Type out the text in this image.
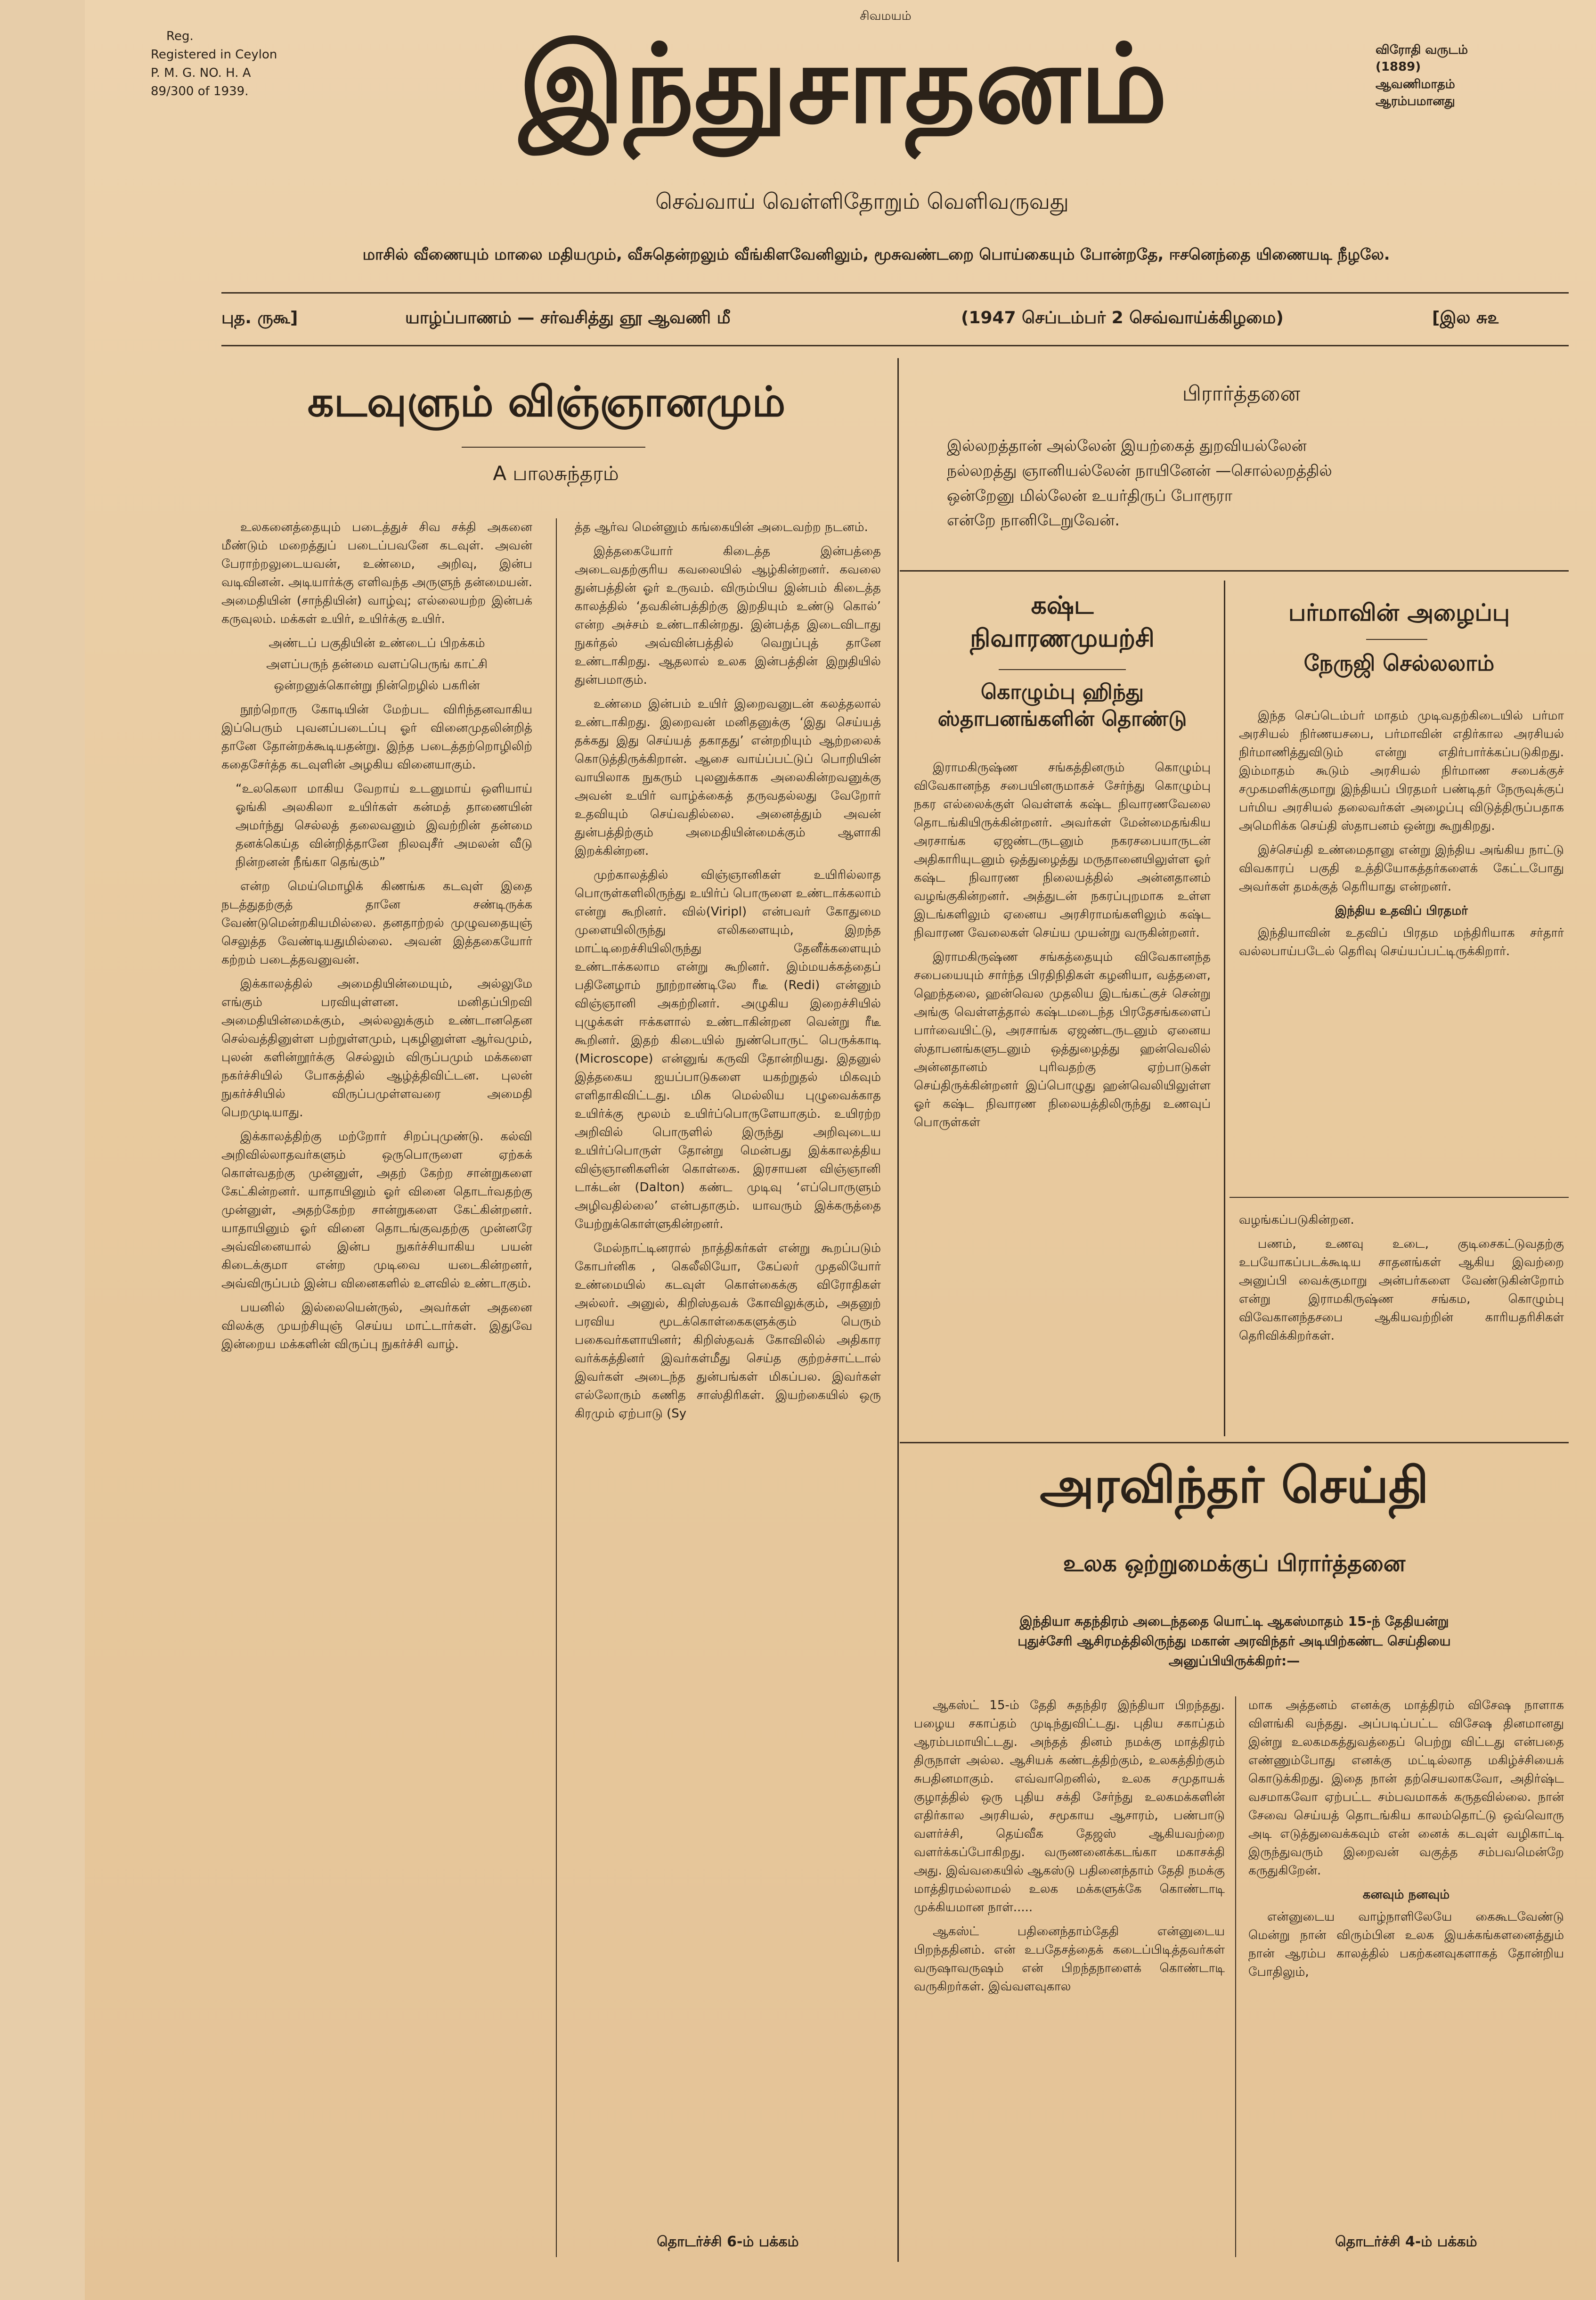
சிவமயம்
Reg.
Registered in Ceylon
P. M. G. NO. H. A
89/300 of 1939.	இந்துசாதனம்	விரோதி வருடம்
(1889)
ஆவணிமாதம்
ஆரம்பமானது
செவ்வாய் வெள்ளிதோறும் வெளிவருவது
மாசில் வீணையும் மாலை மதியமும், வீசுதென்றலும் வீங்கிளவேனிலும், மூசுவண்டறை பொய்கையும் போன்றதே, ஈசனெந்தை யிணையடி நீழலே.
புத. ருகூ]	யாழ்ப்பாணம் — சர்வசித்து ஞூ ஆவணி மீ	(1947 செப்டம்பர் 2 செவ்வாய்க்கிழமை)	[இல சு௨
கடவுளும் விஞ்ஞானமும்
A பாலசுந்தரம்

உலகனைத்தையும் படைத்துச் சிவ சக்தி அகனை மீண்டும் மறைத்துப் படைப்பவனே கடவுள். அவன் பேராற்றலுடையவன், உண்மை, அறிவு, இன்ப வடிவினன். அடியார்க்கு எளிவந்த அருளுந் தன்மையன். அமைதியின் (சாந்தியின்) வாழ்வு; எல்லையற்ற இன்பக் கருவுலம். மக்கள் உயிர், உயிர்க்கு உயிர்.

அண்டப் பகுதியின் உண்டைப் பிறக்கம்

அளப்பருந் தன்மை வளப்பெருங் காட்சி

ஒன்றனுக்கொன்று நின்றெழில் பகரின்

நூற்றொரு கோடியின் மேற்பட விரிந்தனவாகிய இப்பெரும் புவனப்படைப்பு ஓர் வினைமுதலின்றித் தானே தோன்றக்கூடியதன்று. இந்த படைத்தற்றொழிலிற் கதைசேர்த்த கடவுளின் அழகிய வினையாகும்.

“உலகெலா மாகிய வேறாய் உடனுமாய் ஒளியாய் ஓங்கி அலகிலா உயிர்கள் கன்மத் தாணையின் அமர்ந்து செல்லத் தலைவனும் இவற்றின் தன்மை தனக்கெய்த வின்றித்தானே நிலவுசீர் அமலன் வீடு நின்றனன் நீங்கா தெங்கும்”

என்ற மெய்மொழிக் கிணங்க கடவுள் இதை நடத்துதற்குத் தானே சண்டிருக்க வேண்டுமென்றகியமில்லை. தனதாற்றல் முழுவதையுஞ் செலுத்த வேண்டியதுமில்லை. அவன் இத்தகையோர் கற்றம் படைத்தவனுவன்.

இக்காலத்தில் அமைதியின்மையும், அல்லுமே எங்கும் பரவியுள்ளன. மனிதப்பிறவி அமைதியின்மைக்கும், அல்லலுக்கும் உண்டானதென செல்வத்தினுள்ள பற்றுள்ளமும், புகழினுள்ள ஆர்வமும், புலன் களின்றூர்க்கு செல்லும் விருப்பமும் மக்களை நகர்ச்சியில் போகத்தில் ஆழ்த்திவிட்டன. புலன் நுகர்ச்சியில் விருப்பமுள்ளவரை அமைதி பெறமுடியாது.

இக்காலத்திற்கு மற்றோர் சிறப்புமுண்டு. கல்வி அறிவில்லாதவர்களும் ஒருபொருளை ஏற்கக் கொள்வதற்கு முன்னுள், அதற் கேற்ற சான்றுகளை கேட்கின்றனர். யாதாயினும் ஓர் வினை தொடர்வதற்கு முன்னுள், அதற்கேற்ற சான்றுகளை கேட்கின்றனர். யாதாயினும் ஓர் வினை தொடங்குவதற்கு முன்னரே அவ்வினையால் இன்ப நுகர்ச்சியாகிய பயன் கிடைக்குமா என்ற முடிவை யடைகின்றனர், அவ்விருப்பம் இன்ப வினைகளில் உளவில் உண்டாகும்.

பயனில் இல்லையென்ருல், அவர்கள் அதனை விலக்கு முயற்சியுஞ் செய்ய மாட்டார்கள். இதுவே இன்றைய மக்களின் விருப்பு நுகர்ச்சி வாழ்.

த்த ஆர்வ மென்னும் கங்கையின் அடைவற்ற நடனம்.

இத்தகையோர் கிடைத்த இன்பத்தை அடைவதற்குரிய கவலையில் ஆழ்கின்றனர். கவலை துன்பத்தின் ஓர் உருவம். விரும்பிய இன்பம் கிடைத்த காலத்தில் ‘தவகின்பத்திற்கு இறதியும் உண்டு கொல்’ என்ற அச்சம் உண்டாகின்றது. இன்பத்த இடைவிடாது நுகர்தல் அவ்வின்பத்தில் வெறுப்புத் தானே உண்டாகிறது. ஆதலால் உலக இன்பத்தின் இறுதியில் துன்பமாகும்.

உண்மை இன்பம் உயிர் இறைவனுடன் கலத்தலால் உண்டாகிறது. இறைவன் மனிதனுக்கு ‘இது செய்யத் தக்கது இது செய்யத் தகாதது’ என்றறியும் ஆற்றலைக் கொடுத்திருக்கிறான். ஆசை வாய்ப்பட்டுப் பொறியின் வாயிலாக நுகரும் புலனுக்காக அலைகின்றவனுக்கு அவன் உயிர் வாழ்க்கைத் தருவதல்லது வேறோர் உதவியும் செய்வதில்லை. அனைத்தும் அவன் துன்பத்திற்கும் அமைதியின்மைக்கும் ஆளாகி இறக்கின்றன.

முற்காலத்தில் விஞ்ஞானிகள் உயிரில்லாத பொருள்களிலிருந்து உயிர்ப் பொருளை உண்டாக்கலாம் என்று கூறினர். வில்(Viripl) என்பவர் கோதுமை முளையிலிருந்து எலிகளையும், இறந்த மாட்டிறைச்சியிலிருந்து தேனீக்களையும் உண்டாக்கலாம என்று கூறினர். இம்மயக்கத்தைப் பதினேழாம் நூற்றாண்டிலே ரீடீ (Redi) என்னும் விஞ்ஞானி அகற்றினர். அழுகிய இறைச்சியில் புழுக்கள் ஈக்களால் உண்டாகின்றன வென்று ரீடீ கூறினர். இதற் கிடையில் நுண்பொருட் பெருக்காடி (Microscope) என்னுங் கருவி தோன்றியது. இதனுல் இத்தகைய ஐயப்பாடுகளை யகற்றுதல் மிகவும் எளிதாகிவிட்டது. மிக மெல்லிய புழுவைக்காத உயிர்க்கு மூலம் உயிர்ப்பொருளேயாகும். உயிரற்ற அறிவில் பொருளில் இருந்து அறிவுடைய உயிர்ப்பொருள் தோன்று மென்பது இக்காலத்திய விஞ்ஞானிகளின் கொள்கை. இரசாயன விஞ்ஞானி டாக்டன் (Dalton) கண்ட முடிவு ‘எப்பொருளும் அழிவதில்லை’ என்பதாகும். யாவரும் இக்கருத்தை யேற்றுக்கொள்ளுகின்றனர்.

மேல்நாட்டினரால் நாத்திகர்கள் என்று கூறப்படும் கோபர்னிக , கெலீலியோ, கேப்லர் முதலியோர் உண்மையில் கடவுள் கொள்கைக்கு விரோதிகள் அல்லர். அனுல், கிறிஸ்தவக் கோவிலுக்கும், அதனுற் பரவிய மூடக்கொள்கைகளுக்கும் பெரும் பகைவர்களாயினர்; கிறிஸ்தவக் கோவிலில் அதிகார வர்க்கத்தினர் இவர்கள்மீது செய்த குற்றச்சாட்டால் இவர்கள் அடைந்த துன்பங்கள் மிகப்பல. இவர்கள் எல்லோரும் கணித சாஸ்திரிகள். இயற்கையில் ஒரு கிரமும் ஏற்பாடு (Sy

தொடர்ச்சி 6-ம் பக்கம்
பிரார்த்தனை
இல்லறத்தான் அல்லேன் இயற்கைத் துறவியல்லேன்
நல்லறத்து ஞானியல்லேன் நாயினேன் —சொல்லறத்தில்
ஒன்றேனு மில்லேன் உயர்திருப் போரூரா
என்றே நானிடேறுவேன்.
கஷ்ட
நிவாரணமுயற்சி
கொழும்பு ஹிந்து ஸ்தாபனங்களின் தொண்டு

இராமகிருஷ்ண சங்கத்தினரும் கொழும்பு விவேகானந்த சபையினருமாகச் சேர்ந்து கொழும்பு நகர எல்லைக்குள் வெள்ளக் கஷ்ட நிவாரணவேலை தொடங்கியிருக்கின்றனர். அவர்கள் மேன்மைதங்கிய அரசாங்க ஏஜண்டருடனும் நகரசபையாருடன் அதிகாரியுடனும் ஒத்துழைத்து மருதானையிலுள்ள ஓர் கஷ்ட நிவாரண நிலையத்தில் அன்னதானம் வழங்குகின்றனர். அத்துடன் நகரப்புறமாக உள்ள இடங்களிலும் ஏனைய அரசிராமங்களிலும் கஷ்ட நிவாரண வேலைகள் செய்ய முயன்று வருகின்றனர்.

இராமகிருஷ்ண சங்கத்தையும் விவேகானந்த சபையையும் சார்ந்த பிரதிநிதிகள் கழனியா, வத்தளை, ஹெந்தலை, ஹன்வெல முதலிய இடங்கட்குச் சென்று அங்கு வெள்ளத்தால் கஷ்டமடைந்த பிரதேசங்களைப் பார்வையிட்டு, அரசாங்க ஏஜண்டருடனும் ஏனைய ஸ்தாபனங்களுடனும் ஒத்துழைத்து ஹன்வெலில் அன்னதானம் புரிவதற்கு ஏற்பாடுகள் செய்திருக்கின்றனர் இப்பொழுது ஹன்வெலியிலுள்ள ஓர் கஷ்ட நிவாரண நிலையத்திலிருந்து உணவுப் பொருள்கள்

பர்மாவின் அழைப்பு
நேருஜி செல்லலாம்

இந்த செப்டெம்பர் மாதம் முடிவதற்கிடையில் பர்மா அரசியல் நிர்ணயசபை, பர்மாவின் எதிர்கால அரசியல் நிர்மாணித்துவிடும் என்று எதிர்பார்க்கப்படுகிறது. இம்மாதம் கூடும் அரசியல் நிர்மாண சபைக்குச் சமுகமளிக்குமாறு இந்தியப் பிரதமர் பண்டிதர் நேருவுக்குப் பர்மிய அரசியல் தலைவர்கள் அழைப்பு விடுத்திருப்பதாக அமெரிக்க செய்தி ஸ்தாபனம் ஒன்று கூறுகிறது.

இச்செய்தி உண்மைதானு என்று இந்திய அங்கிய நாட்டு விவகாரப் பகுதி உத்தியோகத்தர்களைக் கேட்டபோது அவர்கள் தமக்குத் தெரியாது என்றனர்.

இந்திய உதவிப் பிரதமர்

இந்தியாவின் உதவிப் பிரதம மந்திரியாக சர்தார் வல்லபாய்படேல் தெரிவு செய்யப்பட்டிருக்கிறார்.

வழங்கப்படுகின்றன.

பணம், உணவு உடை, குடிசைகட்டுவதற்கு உபயோகப்படக்கூடிய சாதனங்கள் ஆகிய இவற்றை அனுப்பி வைக்குமாறு அன்பர்களை வேண்டுகின்றோம் என்று இராமகிருஷ்ண சங்கம, கொழும்பு விவேகானந்தசபை ஆகியவற்றின் காரியதரிசிகள் தெரிவிக்கிறர்கள்.

அரவிந்தர் செய்தி
உலக ஒற்றுமைக்குப் பிரார்த்தனை
இந்தியா சுதந்திரம் அடைந்ததை யொட்டி ஆகஸ்மாதம் 15-ந் தேதியன்று புதுச்சேரி ஆசிரமத்திலிருந்து மகான் அரவிந்தர் அடியிற்கண்ட செய்தியை அனுப்பியிருக்கிறர்:—

ஆகஸ்ட் 15-ம் தேதி சுதந்திர இந்தியா பிறந்தது. பழைய சகாப்தம் முடிந்துவிட்டது. புதிய சகாப்தம் ஆரம்பமாயிட்டது. அந்தத் தினம் நமக்கு மாத்திரம் திருநாள் அல்ல. ஆசியக் கண்டத்திற்கும், உலகத்திற்கும் சுபதினமாகும். எவ்வாறெனில், உலக சமுதாயக் குழாத்தில் ஒரு புதிய சக்தி சேர்ந்து உலகமக்களின் எதிர்கால அரசியல், சமூகாய ஆசாரம், பண்பாடு வளர்ச்சி, தெய்வீக தேஜஸ் ஆகியவற்றை வளர்க்கப்போகிறது. வருணனைக்கடங்கா மகாசக்தி அது. இவ்வகையில் ஆகஸ்டு பதினைந்தாம் தேதி நமக்கு மாத்திரமல்லாமல் உலக மக்களுக்கே கொண்டாடி முக்கியமான நாள்.....

ஆகஸ்ட் பதினைந்தாம்தேதி என்னுடைய பிறந்ததினம். என் உபதேசத்தைக் கடைப்பிடித்தவர்கள் வருஷாவருஷம் என் பிறந்தநாளைக் கொண்டாடி வருகிறர்கள். இவ்வளவுகால

மாக அத்தனம் எனக்கு மாத்திரம் விசேஷ நாளாக விளங்கி வந்தது. அப்படிப்பட்ட விசேஷ தினமானது இன்று உலகமகத்துவத்தைப் பெற்று விட்டது என்பதை எண்ணும்போது எனக்கு மட்டில்லாத மகிழ்ச்சியைக் கொடுக்கிறது. இதை நான் தற்செயலாகவோ, அதிர்ஷ்ட வசமாகவோ ஏற்பட்ட சம்பவமாகக் கருதவில்லை. நான் சேவை செய்யத் தொடங்கிய காலம்தொட்டு ஒவ்வொரு அடி எடுத்துவைக்கவும் என் னைக் கடவுள் வழிகாட்டி இருந்துவரும் இறைவன் வகுத்த சம்பவமென்றே கருதுகிறேன்.

கனவும் நனவும்

என்னுடைய வாழ்நாளிலேயே கைகூடவேண்டு மென்று நான் விரும்பின உலக இயக்கங்களனைத்தும் நான் ஆரம்ப காலத்தில் பகற்கனவுகளாகத் தோன்றிய போதிலும்,

தொடர்ச்சி 4-ம் பக்கம்
